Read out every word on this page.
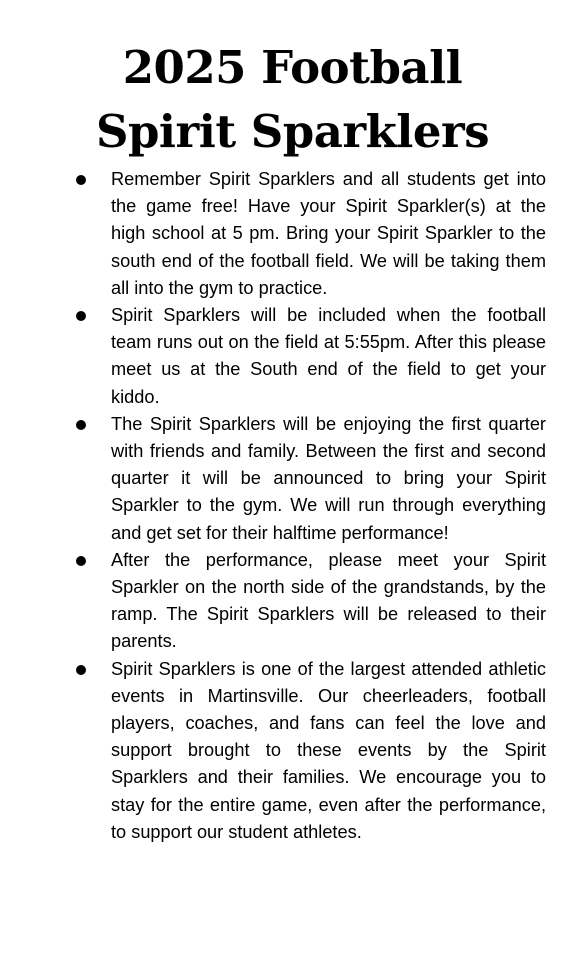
2025 Football
Spirit Sparklers
Remember Spirit Sparklers and all students get into the game free! Have your Spirit Sparkler(s) at the high school at 5 pm. Bring your Spirit Sparkler to the south end of the football field. We will be taking them all into the gym to practice.
Spirit Sparklers will be included when the football team runs out on the field at 5:55pm. After this please meet us at the South end of the field to get your kiddo.
The Spirit Sparklers will be enjoying the first quarter with friends and family. Between the first and second quarter it will be announced to bring your Spirit Sparkler to the gym. We will run through everything and get set for their halftime performance!
After the performance, please meet your Spirit Sparkler on the north side of the grandstands, by the ramp. The Spirit Sparklers will be released to their parents.
Spirit Sparklers is one of the largest attended athletic events in Martinsville. Our cheerleaders, football players, coaches, and fans can feel the love and support brought to these events by the Spirit Sparklers and their families. We encourage you to stay for the entire game, even after the performance, to support our student athletes.
